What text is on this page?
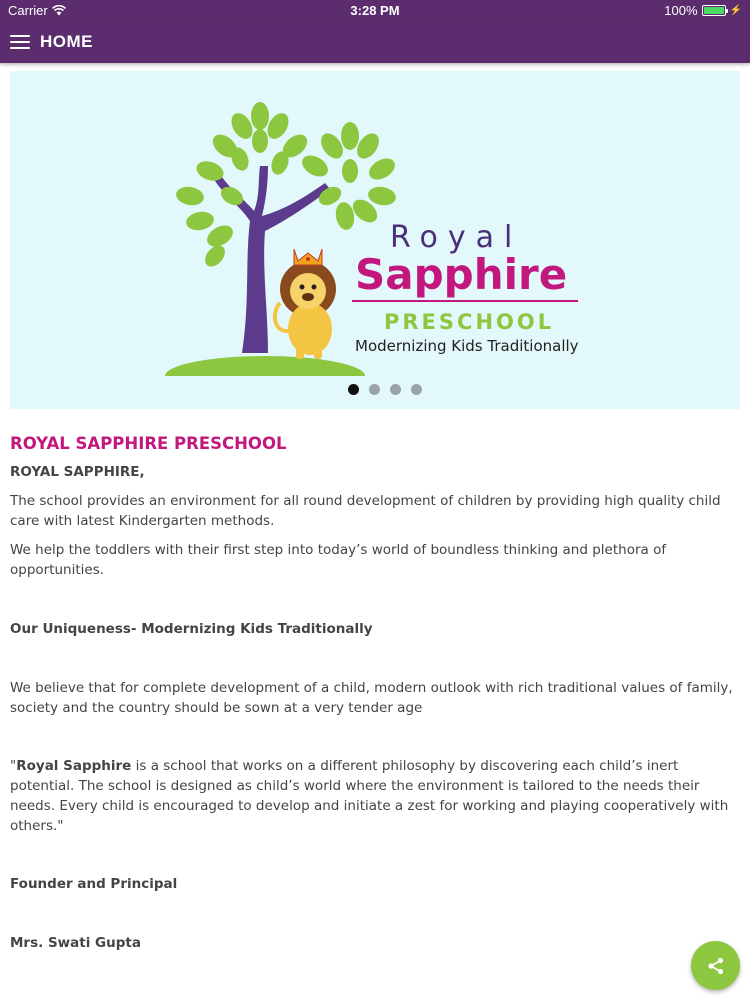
Carrier	3:28 PM	100%	⚡
HOME
Royal
Sapphire
PRESCHOOL
Modernizing Kids Traditionally
ROYAL SAPPHIRE PRESCHOOL

ROYAL SAPPHIRE,

The school provides an environment for all round development of children by providing high quality child care with latest Kindergarten methods.

We help the toddlers with their first step into today’s world of boundless thinking and plethora of opportunities.

Our Uniqueness- Modernizing Kids Traditionally

We believe that for complete development of a child, modern outlook with rich traditional values of family, society and the country should be sown at a very tender age

"Royal Sapphire is a school that works on a different philosophy by discovering each child’s inert potential. The school is designed as child’s world where the environment is tailored to the needs their needs. Every child is encouraged to develop and initiate a zest for working and playing cooperatively with others."

Founder and Principal

Mrs. Swati Gupta
